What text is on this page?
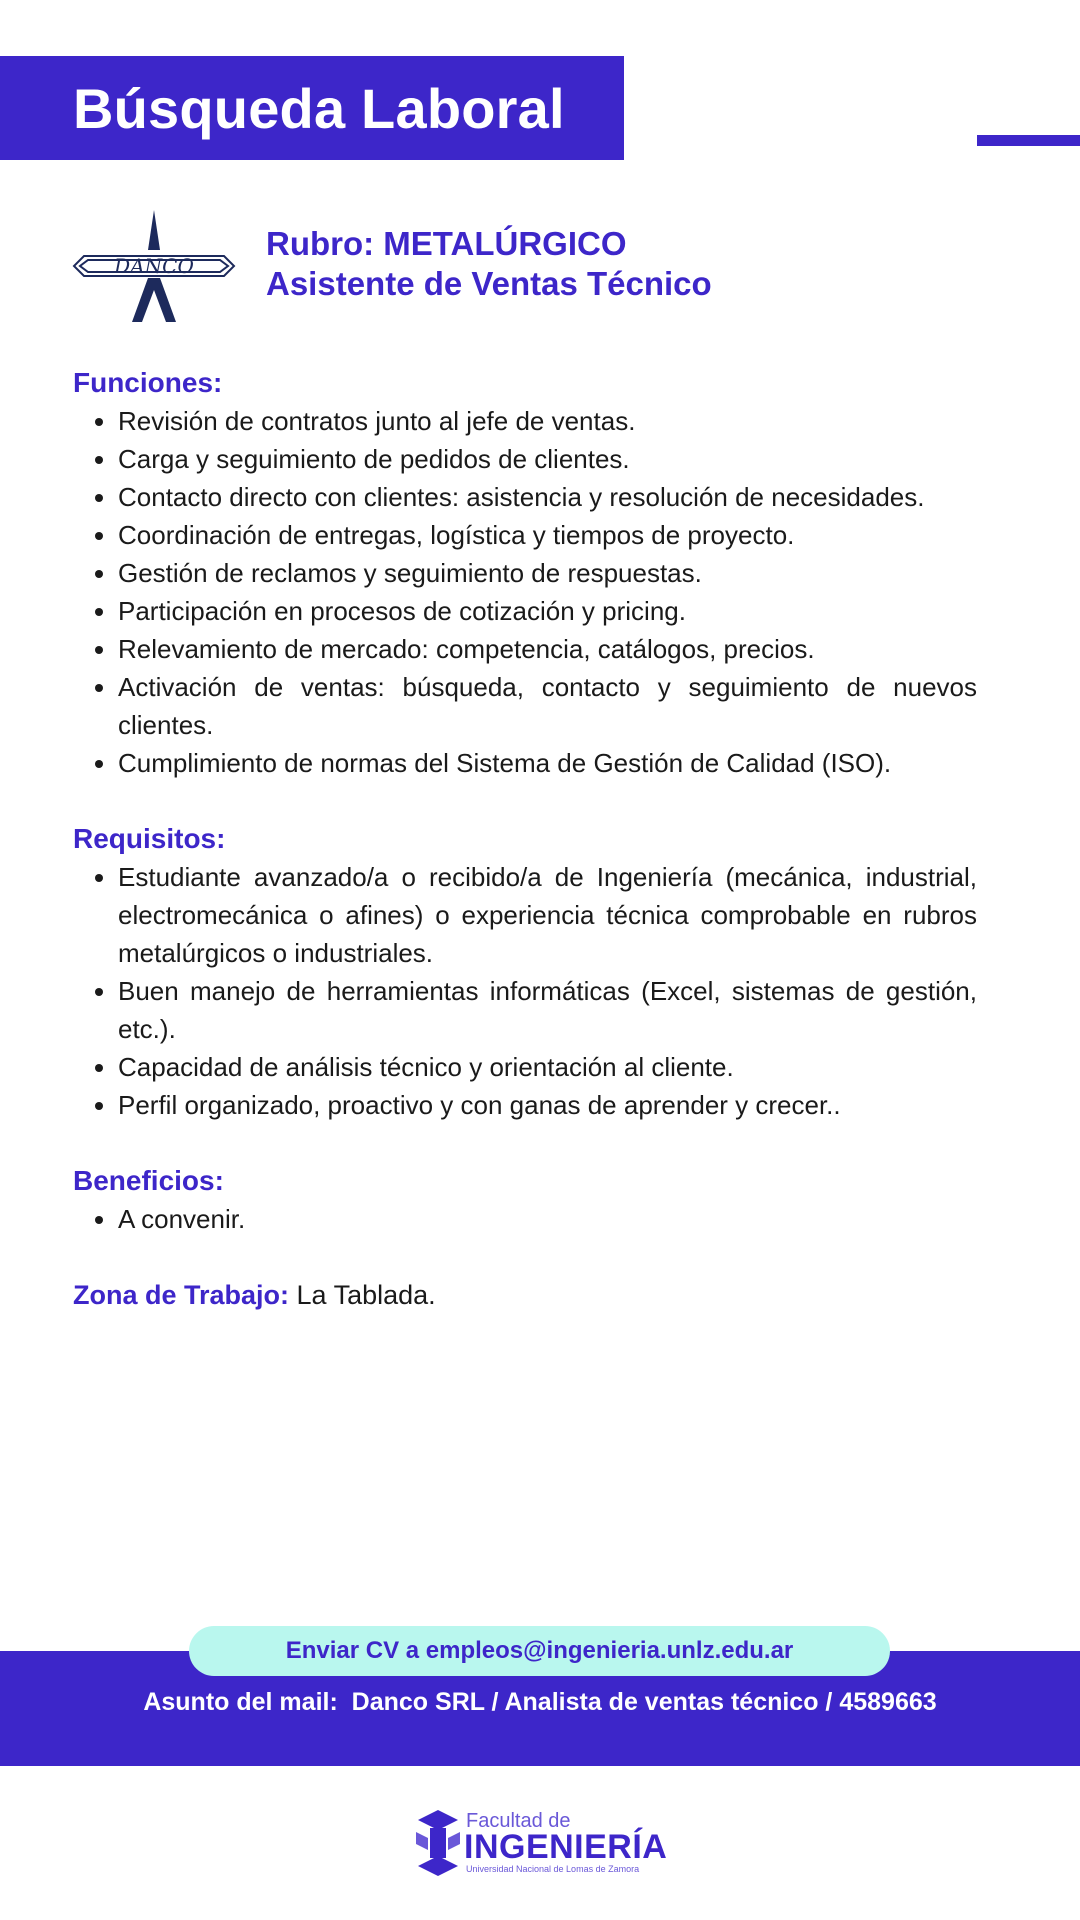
Búsqueda Laboral
DANCO
Rubro: METALÚRGICO
Asistente de Ventas Técnico
Funciones:
• Revisión de contratos junto al jefe de ventas.
• Carga y seguimiento de pedidos de clientes.
• Contacto directo con clientes: asistencia y resolución de necesidades.
• Coordinación de entregas, logística y tiempos de proyecto.
• Gestión de reclamos y seguimiento de respuestas.
• Participación en procesos de cotización y pricing.
• Relevamiento de mercado: competencia, catálogos, precios.
• Activación de ventas: búsqueda, contacto y seguimiento de nuevos clientes.
• Cumplimiento de normas del Sistema de Gestión de Calidad (ISO).
Requisitos:
• Estudiante avanzado/a o recibido/a de Ingeniería (mecánica, industrial, electromecánica o afines) o experiencia técnica comprobable en rubros metalúrgicos o industriales.
• Buen manejo de herramientas informáticas (Excel, sistemas de gestión, etc.).
• Capacidad de análisis técnico y orientación al cliente.
• Perfil organizado, proactivo y con ganas de aprender y crecer..
Beneficios:
• A convenir.
Zona de Trabajo: La Tablada.
Enviar CV a empleos@ingenieria.unlz.edu.ar
Asunto del mail:  Danco SRL / Analista de ventas técnico / 4589663
Facultad de
INGENIERÍA
Universidad Nacional de Lomas de Zamora
